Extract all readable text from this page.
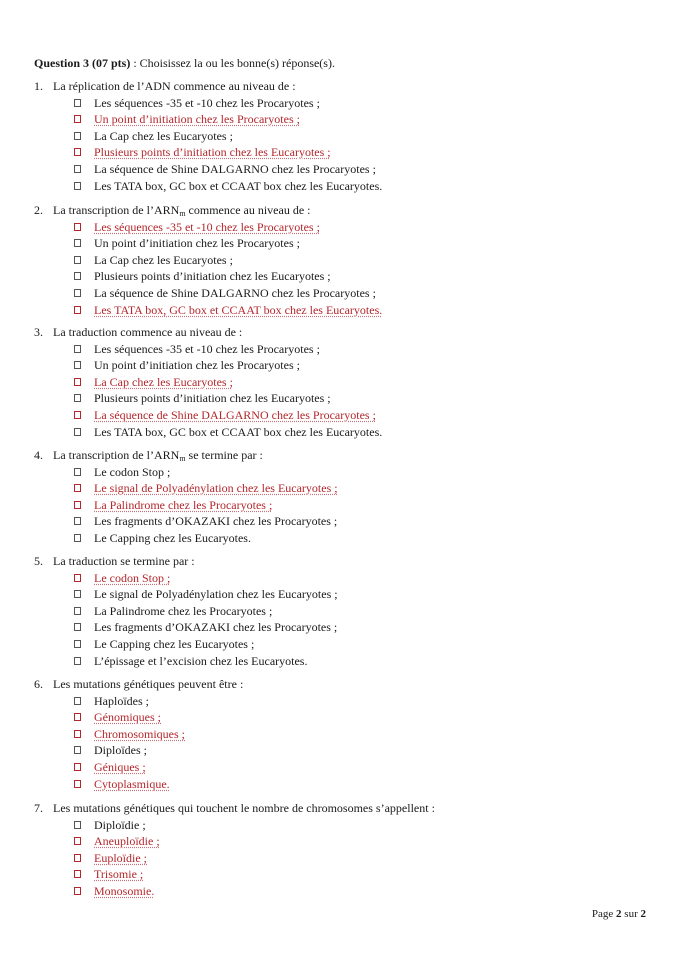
Question 3 (07 pts) : Choisissez la ou les bonne(s) réponse(s).
1. La réplication de l’ADN commence au niveau de :
Les séquences -35 et -10 chez les Procaryotes ;
Un point d’initiation chez les Procaryotes ;
La Cap chez les Eucaryotes ;
Plusieurs points d’initiation chez les Eucaryotes ;
La séquence de Shine DALGARNO chez les Procaryotes ;
Les TATA box, GC box et CCAAT box chez les Eucaryotes.
2. La transcription de $l’ARN_m$ commence au niveau de :
Les séquences -35 et -10 chez les Procaryotes ;
Un point d’initiation chez les Procaryotes ;
La Cap chez les Eucaryotes ;
Plusieurs points d’initiation chez les Eucaryotes ;
La séquence de Shine DALGARNO chez les Procaryotes ;
Les TATA box, GC box et CCAAT box chez les Eucaryotes.
3. La traduction commence au niveau de :
Les séquences -35 et -10 chez les Procaryotes ;
Un point d’initiation chez les Procaryotes ;
La Cap chez les Eucaryotes ;
Plusieurs points d’initiation chez les Eucaryotes ;
La séquence de Shine DALGARNO chez les Procaryotes ;
Les TATA box, GC box et CCAAT box chez les Eucaryotes.
4. La transcription de $l’ARN_m$ se termine par :
Le codon Stop ;
Le signal de Polyadénylation chez les Eucaryotes ;
La Palindrome chez les Procaryotes ;
Les fragments d’OKAZAKI chez les Procaryotes ;
Le Capping chez les Eucaryotes.
5. La traduction se termine par :
Le codon Stop ;
Le signal de Polyadénylation chez les Eucaryotes ;
La Palindrome chez les Procaryotes ;
Les fragments d’OKAZAKI chez les Procaryotes ;
Le Capping chez les Eucaryotes ;
L’épissage et l’excision chez les Eucaryotes.
6. Les mutations génétiques peuvent être :
Haploïdes ;
Génomiques ;
Chromosomiques ;
Diploïdes ;
Géniques ;
Cytoplasmique.
7. Les mutations génétiques qui touchent le nombre de chromosomes s’appellent :
Diploïdie ;
Aneuploïdie ;
Euploïdie ;
Trisomie ;
Monosomie.
Page 2 sur 2
